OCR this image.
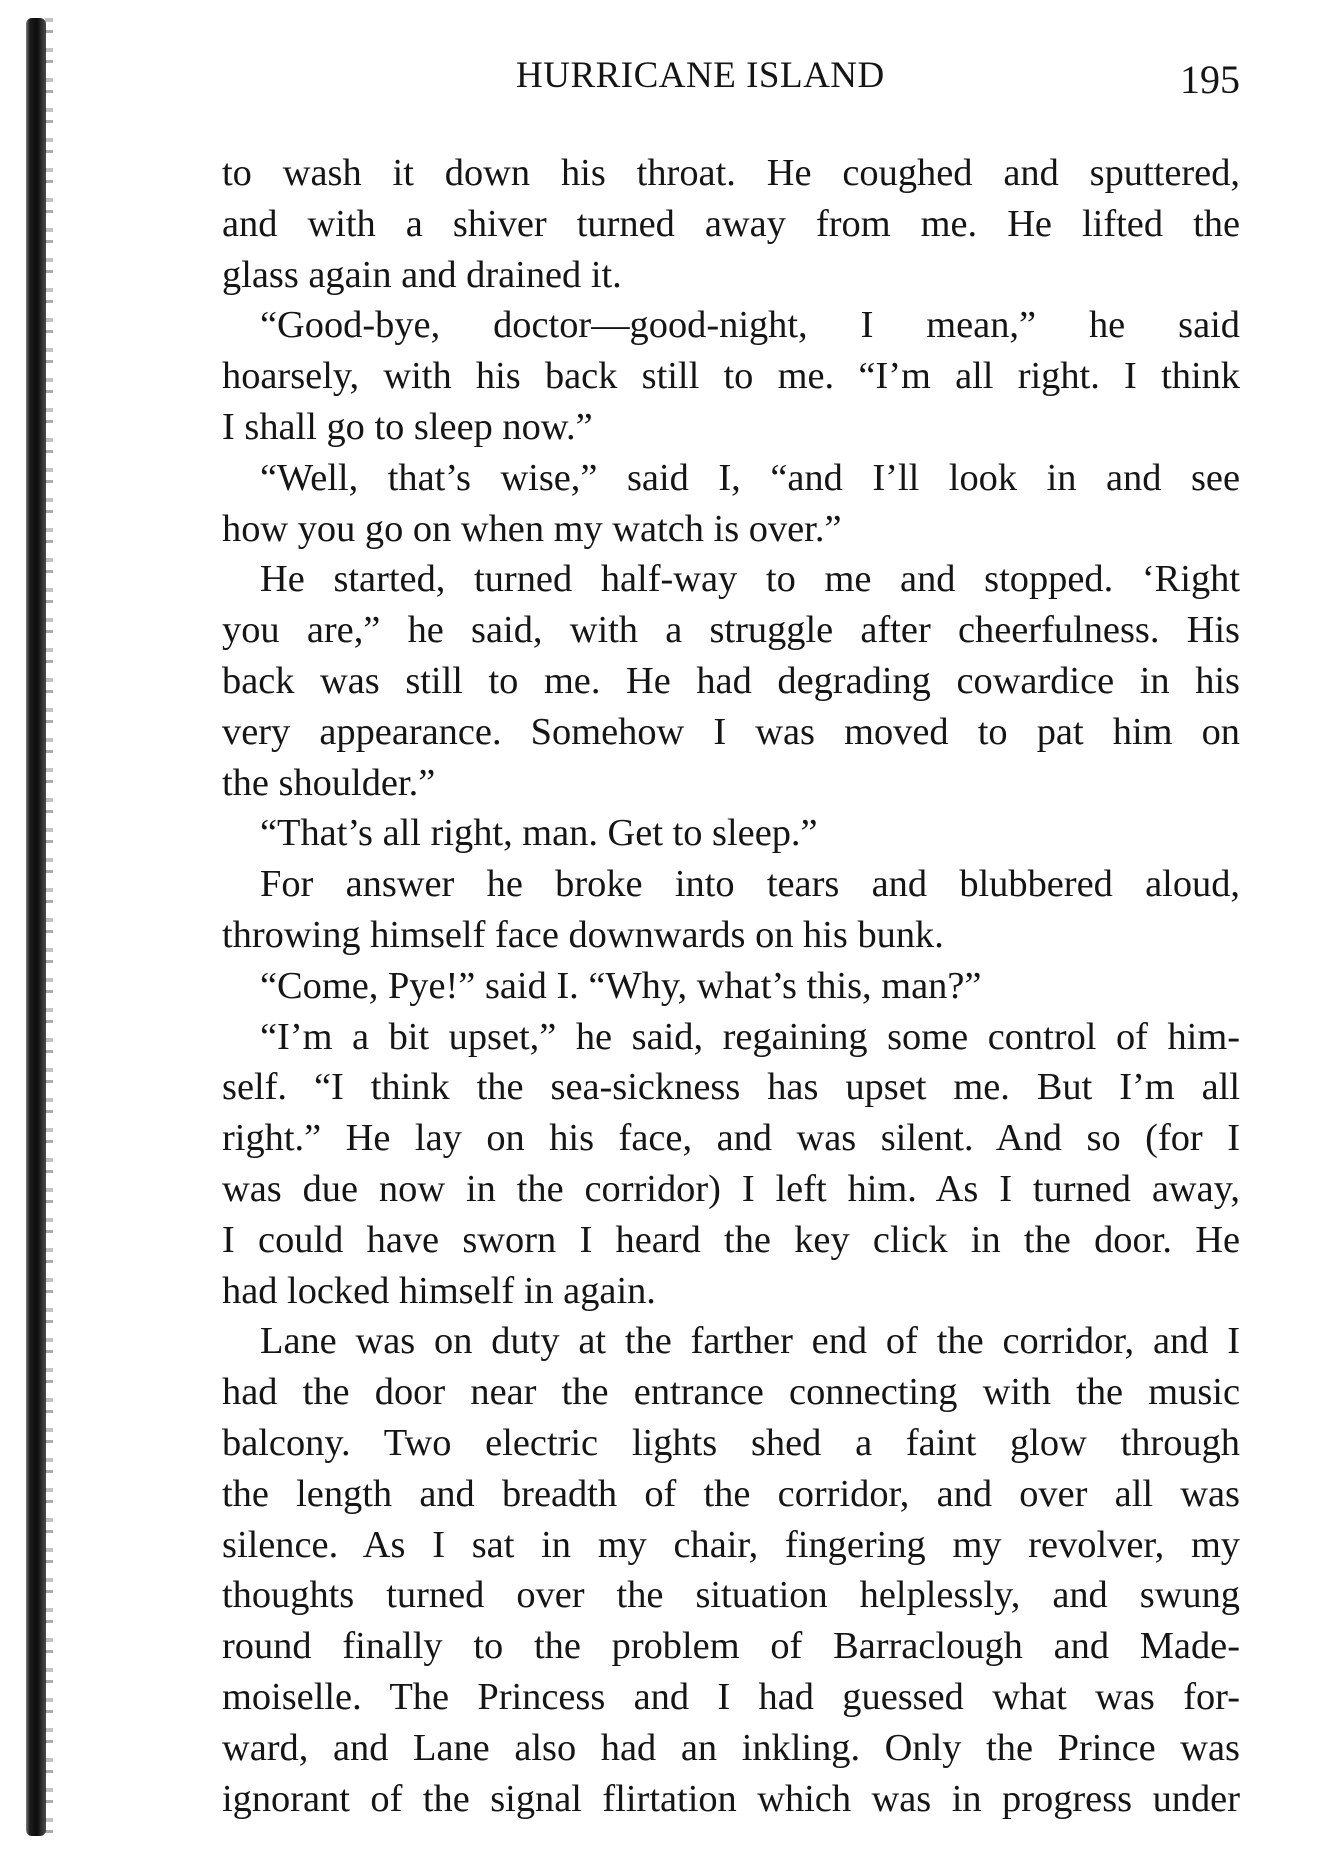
HURRICANE ISLAND	195
to wash it down his throat. He coughed and sputtered,
and with a shiver turned away from me. He lifted the
glass again and drained it.
“Good-bye, doctor—good-night, I mean,” he said
hoarsely, with his back still to me. “I’m all right. I think
I shall go to sleep now.”
“Well, that’s wise,” said I, “and I’ll look in and see
how you go on when my watch is over.”
He started, turned half-way to me and stopped. ‘Right
you are,” he said, with a struggle after cheerfulness. His
back was still to me. He had degrading cowardice in his
very appearance. Somehow I was moved to pat him on
the shoulder.”
“That’s all right, man. Get to sleep.”
For answer he broke into tears and blubbered aloud,
throwing himself face downwards on his bunk.
“Come, Pye!” said I. “Why, what’s this, man?”
“I’m a bit upset,” he said, regaining some control of him-
self. “I think the sea-sickness has upset me. But I’m all
right.” He lay on his face, and was silent. And so (for I
was due now in the corridor) I left him. As I turned away,
I could have sworn I heard the key click in the door. He
had locked himself in again.
Lane was on duty at the farther end of the corridor, and I
had the door near the entrance connecting with the music
balcony. Two electric lights shed a faint glow through
the length and breadth of the corridor, and over all was
silence. As I sat in my chair, fingering my revolver, my
thoughts turned over the situation helplessly, and swung
round finally to the problem of Barraclough and Made-
moiselle. The Princess and I had guessed what was for-
ward, and Lane also had an inkling. Only the Prince was
ignorant of the signal flirtation which was in progress under
